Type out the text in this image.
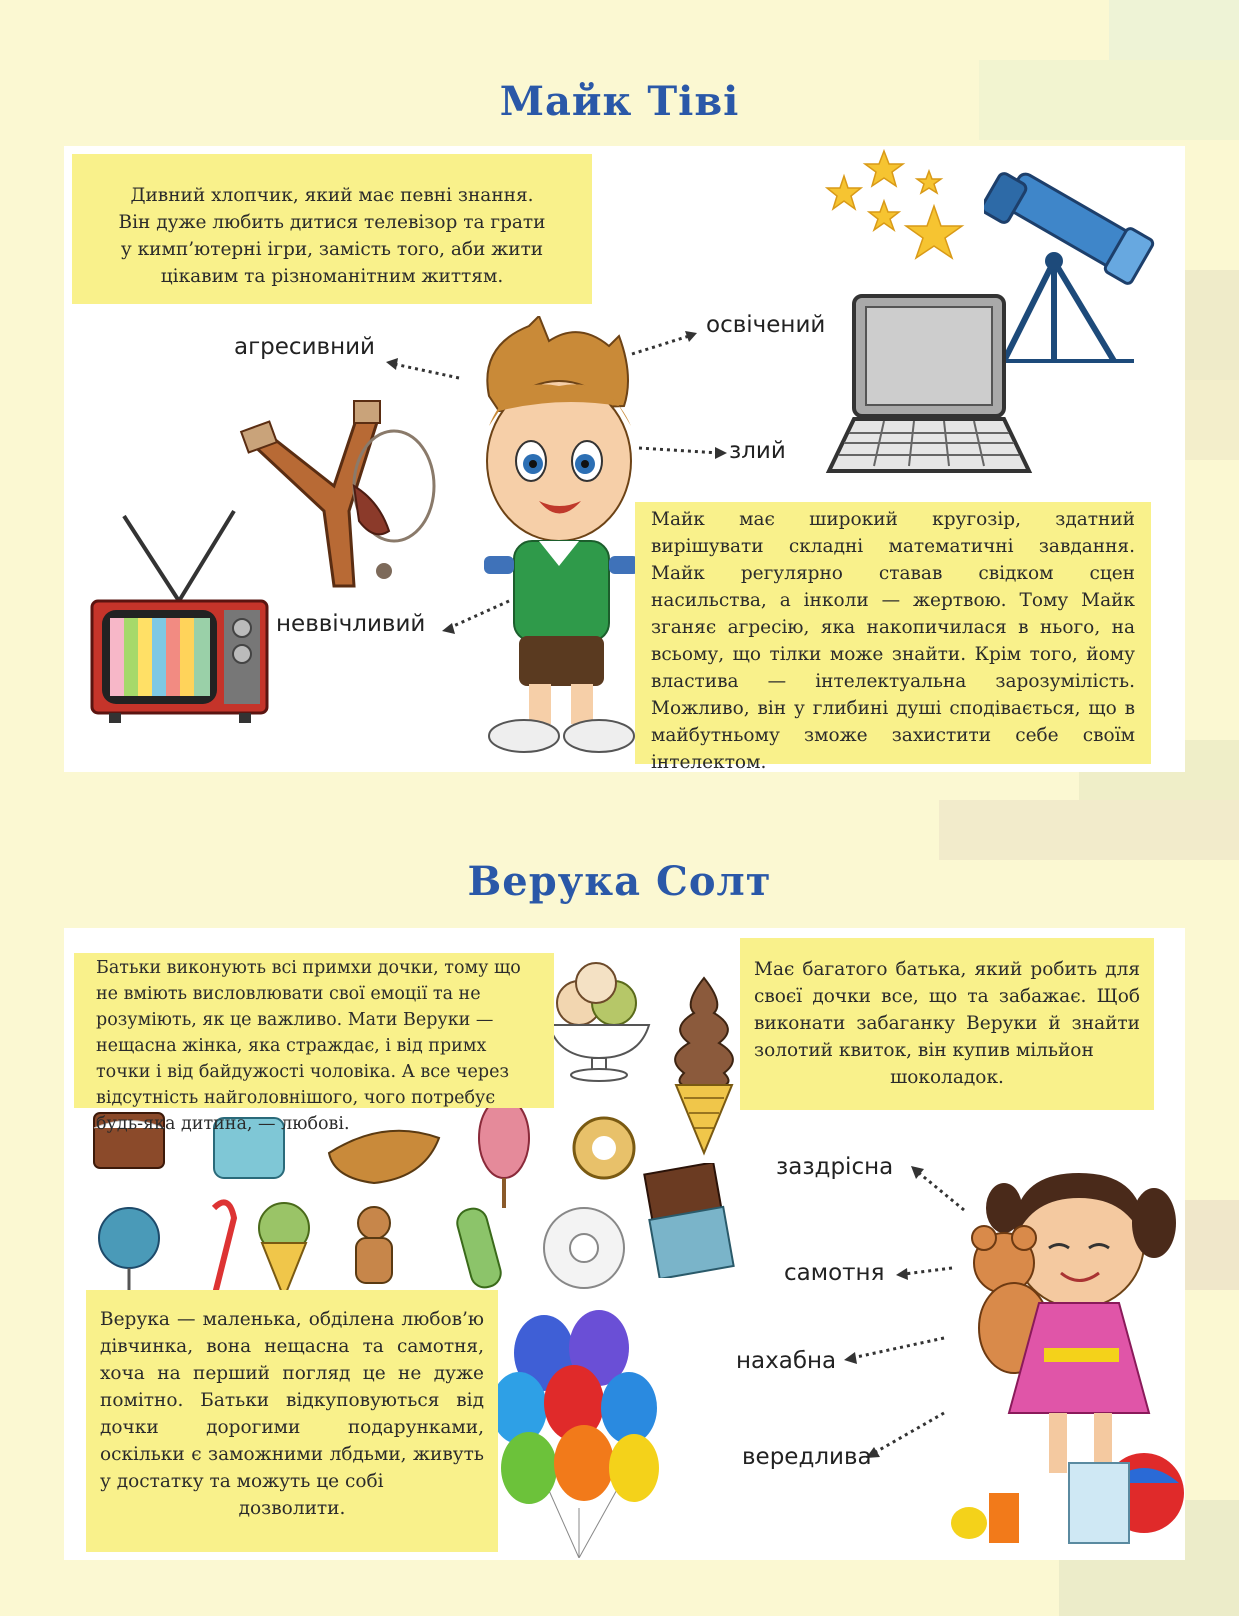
Майк Тіві
Дивний хлопчик, який має певні знання. Він дуже любить дитися телевізор та грати у кимп’ютерні ігри, замість того, аби жити цікавим та різноманітним життям.
агресивний
освічений
злий
неввічливий
Майк має широкий кругозір, здатний вирішувати складні математичні завдання. Майк регулярно ставав свідком сцен насильства, а інколи — жертвою. Тому Майк зганяє агресію, яка накопичилася в нього, на всьому, що тілки може знайти. Крім того, йому властива — інтелектуальна зарозумілість. Можливо, він у глибині душі сподівається, що в майбутньому зможе захистити себе своїм інтелектом.
Верука Солт
заздрісна
самотня
нахабна
вередлива
Батьки виконують всі примхи дочки, тому що не вміють висловлювати свої емоції та не розуміють, як це важливо. Мати Веруки — нещасна жінка, яка страждає, і від примх точки і від байдужості чоловіка. А все через відсутність найголовнішого, чого потребує будь-яка дитина, — любові.
Має багатого батька, який робить для своєї дочки все, що та забажає. Щоб виконати забаганку Веруки й знайти золотий квиток, він купив мільйон
шоколадок.
Верука — маленька, обділена любов’ю дівчинка, вона нещасна та самотня, хоча на перший погляд це не дуже помітно. Батьки відкуповуються від дочки дорогими подарунками, оскільки є заможними лбдьми, живуть у достатку та можуть це собі
дозволити.
